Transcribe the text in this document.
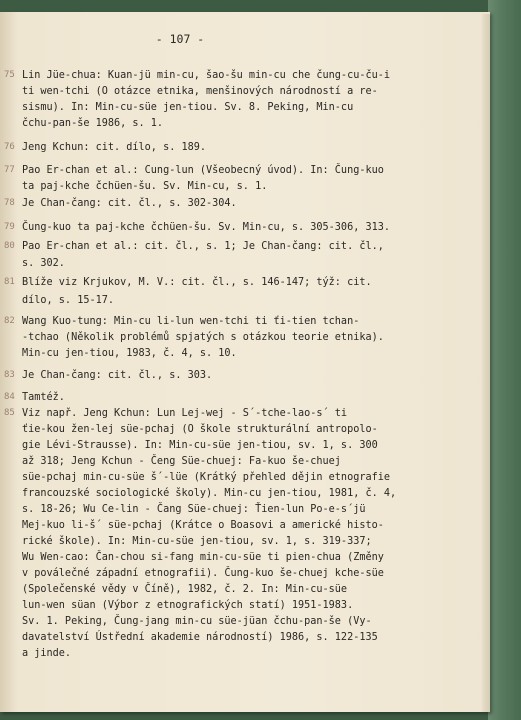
- 107 -
75 Lin Jüe-chua: Kuan-jü min-cu, šao-šu min-cu che čung-cu-ču-i
ti wen-tchi (O otázce etnika, menšinových národností a re-
sismu). In: Min-cu-süe jen-tiou. Sv. 8. Peking, Min-cu
čchu-pan-še 1986, s. 1.
76 Jeng Kchun: cit. dílo, s. 189.
77 Pao Er-chan et al.: Cung-lun (Všeobecný úvod). In: Čung-kuo
ta paj-kche čchüen-šu. Sv. Min-cu, s. 1.
78 Je Chan-čang: cit. čl., s. 302-304.
79 Čung-kuo ta paj-kche čchüen-šu. Sv. Min-cu, s. 305-306, 313.
80 Pao Er-chan et al.: cit. čl., s. 1; Je Chan-čang: cit. čl.,
s. 302.
81 Blíže viz Krjukov, M. V.: cit. čl., s. 146-147; týž: cit.
dílo, s. 15-17.
82 Wang Kuo-tung: Min-cu li-lun wen-tchi ti ťi-tien tchan-
-tchao (Několik problémů spjatých s otázkou teorie etnika).
Min-cu jen-tiou, 1983, č. 4, s. 10.
83 Je Chan-čang: cit. čl., s. 303.
84 Tamtéž.
85 Viz např. Jeng Kchun: Lun Lej-wej - S´-tche-lao-s´ ti
ťie-kou žen-lej süe-pchaj (O škole strukturální antropolo-
gie Lévi-Strausse). In: Min-cu-süe jen-tiou, sv. 1, s. 300
až 318; Jeng Kchun - Čeng Süe-chuej: Fa-kuo še-chuej
süe-pchaj min-cu-süe š´-lüe (Krátký přehled dějin etnografie
francouzské sociologické školy). Min-cu jen-tiou, 1981, č. 4,
s. 18-26; Wu Ce-lin - Čang Süe-chuej: Ťien-lun Po-e-s´jü
Mej-kuo li-š´ süe-pchaj (Krátce o Boasovi a americké histo-
rické škole). In: Min-cu-süe jen-tiou, sv. 1, s. 319-337;
Wu Wen-cao: Čan-chou si-fang min-cu-süe ti pien-chua (Změny
v poválečné západní etnografii). Čung-kuo še-chuej kche-süe
(Společenské vědy v Číně), 1982, č. 2. In: Min-cu-süe
lun-wen süan (Výbor z etnografických statí) 1951-1983.
Sv. 1. Peking, Čung-jang min-cu süe-jüan čchu-pan-še (Vy-
davatelství Ústřední akademie národností) 1986, s. 122-135
a jinde.
